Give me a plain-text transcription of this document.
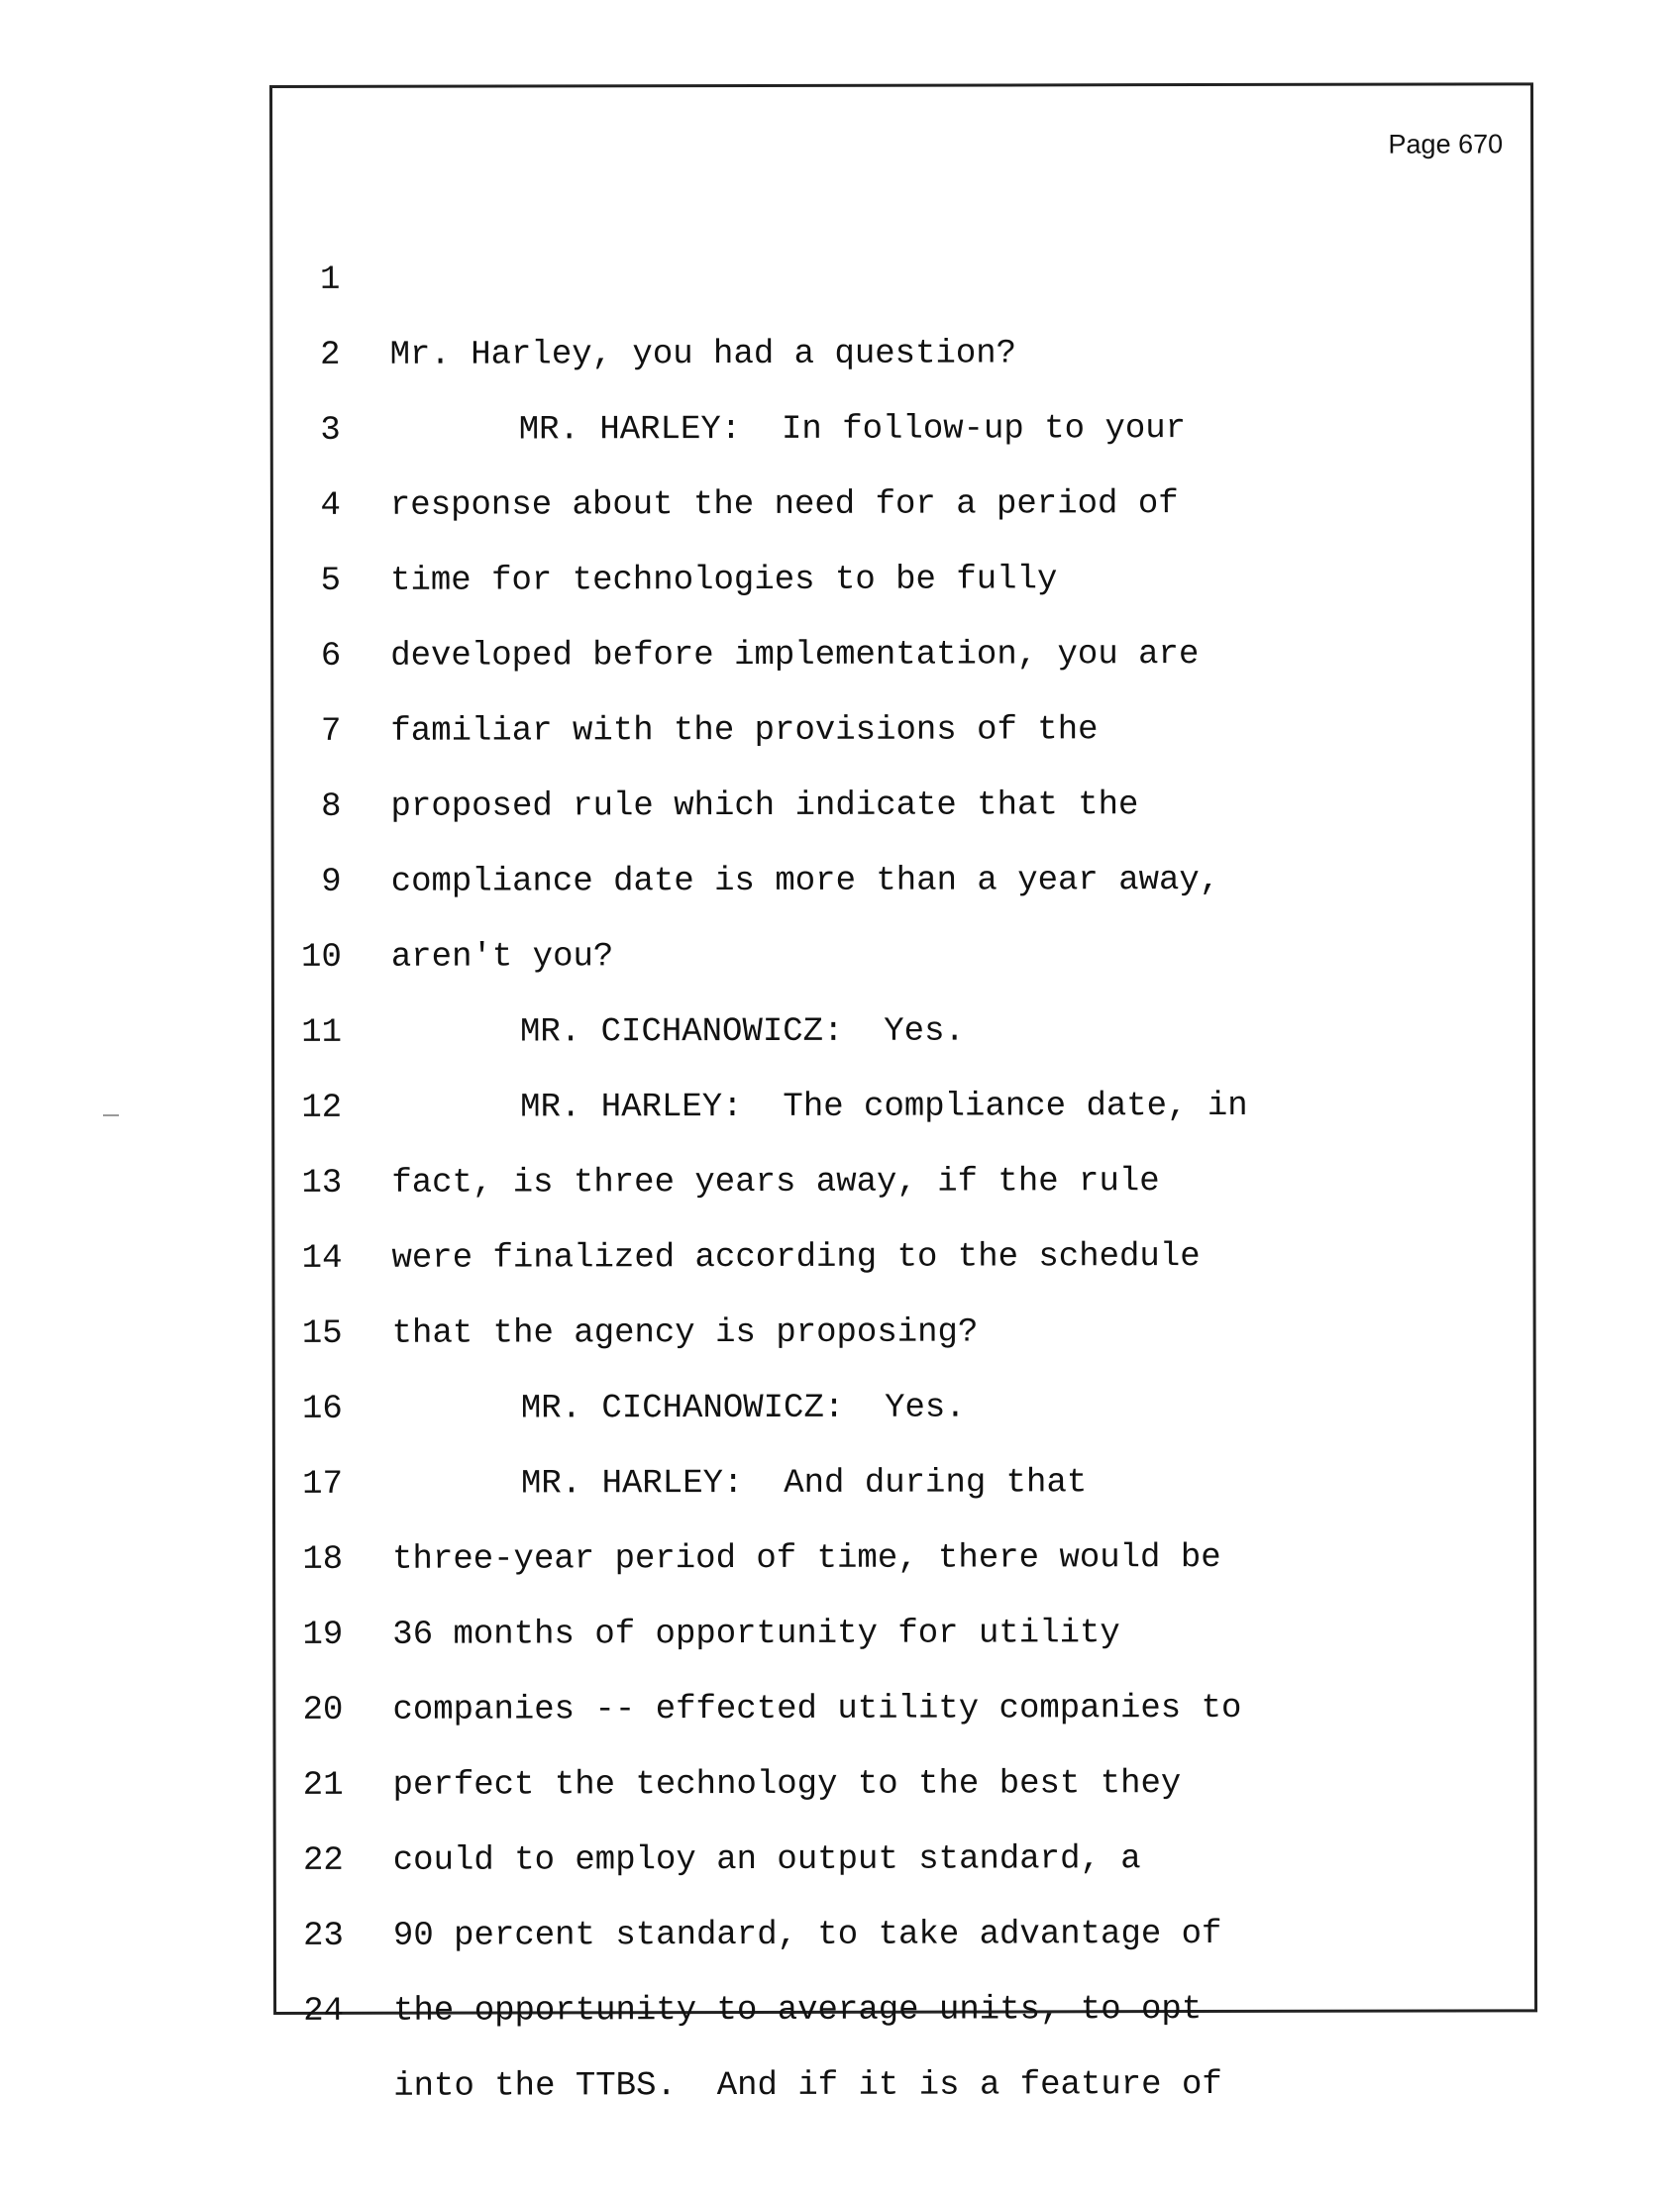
Page 670

1

Mr. Harley, you had a question?

2

MR. HARLEY:  In follow-up to your

3

response about the need for a period of

4

time for technologies to be fully

5

developed before implementation, you are

6

familiar with the provisions of the

7

proposed rule which indicate that the

8

compliance date is more than a year away,

9

aren't you?

10

MR. CICHANOWICZ:  Yes.

11

MR. HARLEY:  The compliance date, in

12

fact, is three years away, if the rule

13

were finalized according to the schedule

14

that the agency is proposing?

15

MR. CICHANOWICZ:  Yes.

16

MR. HARLEY:  And during that

17

three-year period of time, there would be

18

36 months of opportunity for utility

19

companies -- effected utility companies to

20

perfect the technology to the best they

21

could to employ an output standard, a

22

90 percent standard, to take advantage of

23

the opportunity to average units, to opt

24

into the TTBS.  And if it is a feature of
